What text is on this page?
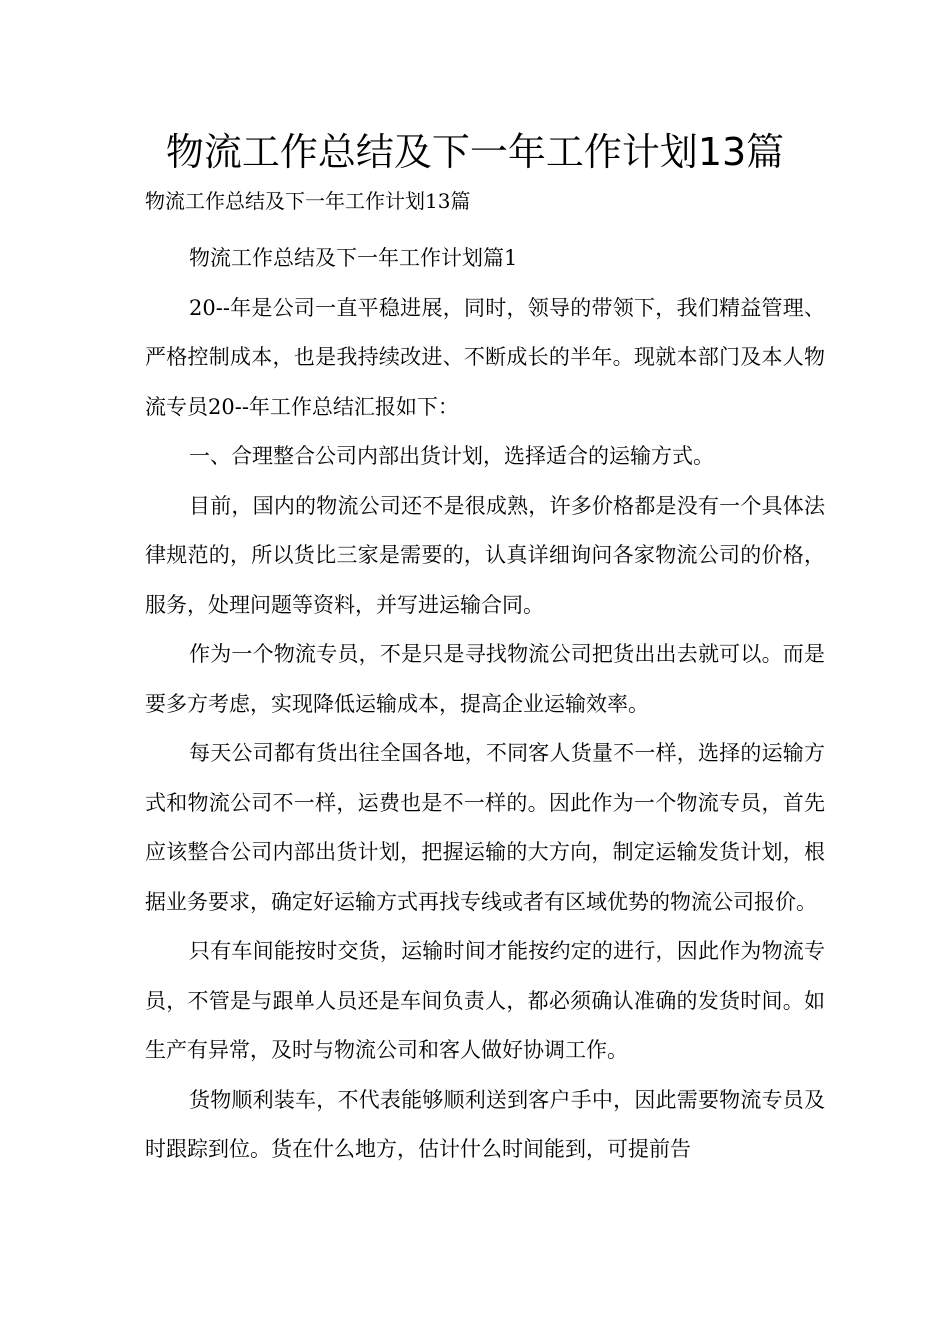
物流工作总结及下一年工作计划13篇
物流工作总结及下一年工作计划13篇

物流工作总结及下一年工作计划篇1

20--年是公司一直平稳进展，同时，领导的带领下，我们精益管理、严格控制成本，也是我持续改进、不断成长的半年。现就本部门及本人物流专员20--年工作总结汇报如下：

一、合理整合公司内部出货计划，选择适合的运输方式。

目前，国内的物流公司还不是很成熟，许多价格都是没有一个具体法律规范的，所以货比三家是需要的，认真详细询问各家物流公司的价格，服务，处理问题等资料，并写进运输合同。

作为一个物流专员，不是只是寻找物流公司把货出出去就可以。而是要多方考虑，实现降低运输成本，提高企业运输效率。

每天公司都有货出往全国各地，不同客人货量不一样，选择的运输方式和物流公司不一样，运费也是不一样的。因此作为一个物流专员，首先应该整合公司内部出货计划，把握运输的大方向，制定运输发货计划，根据业务要求，确定好运输方式再找专线或者有区域优势的物流公司报价。

只有车间能按时交货，运输时间才能按约定的进行，因此作为物流专员，不管是与跟单人员还是车间负责人，都必须确认准确的发货时间。如生产有异常，及时与物流公司和客人做好协调工作。

货物顺利装车，不代表能够顺利送到客户手中，因此需要物流专员及时跟踪到位。货在什么地方，估计什么时间能到，可提前告
